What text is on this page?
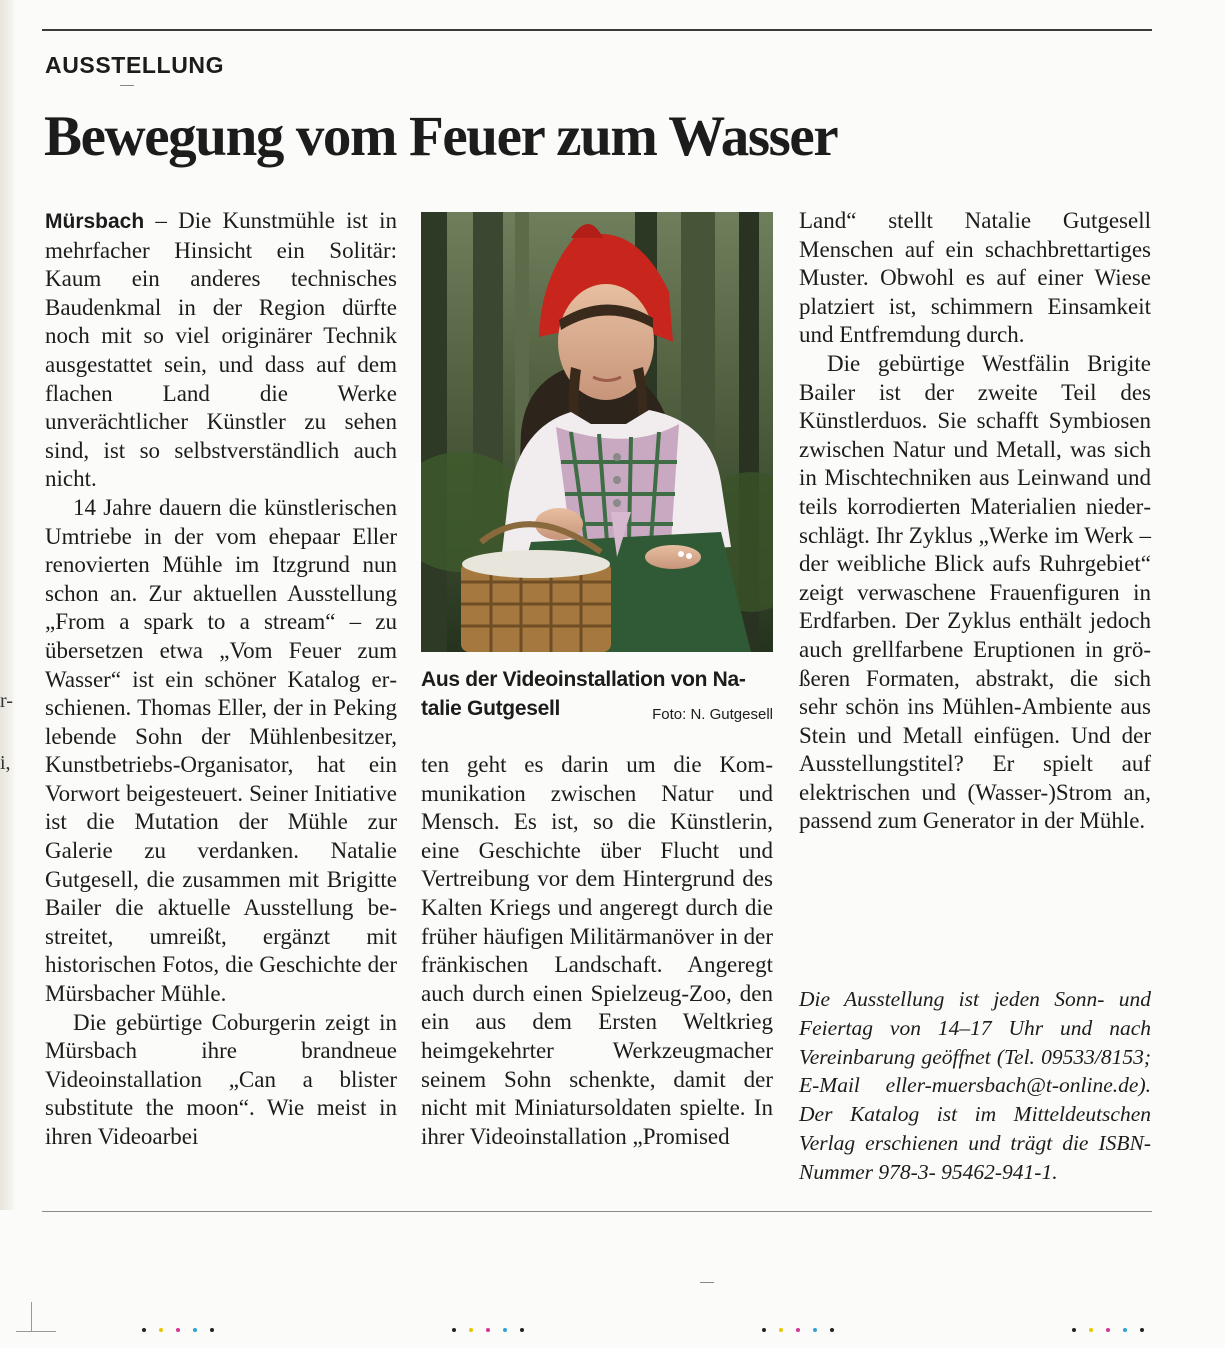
r-
i,
AUSSTELLUNG
Bewegung vom Feuer zum Wasser

Mürsbach – Die Kunstmühle ist in mehrfacher Hinsicht ein Solitär: Kaum ein anderes technisches Baudenkmal in der Region dürfte noch mit so viel originärer Technik ausgestattet sein, und dass auf dem flachen Land die Werke unverächtlicher Künstler zu sehen sind, ist so selbstverständlich auch nicht.

14 Jahre dauern die künstlerischen Umtriebe in der vom ehepaar Eller renovierten Mühle im Itzgrund nun schon an. Zur aktuellen Ausstellung „From a spark to a stream“ – zu übersetzen etwa „Vom Feuer zum Wasser“ ist ein schöner Katalog erschienen. Thomas Eller, der in Peking lebende Sohn der Mühlenbesitzer, Kunstbetriebs-Organisator, hat ein Vorwort beigesteuert. Seiner Initiative ist die Mutation der Mühle zur Galerie zu verdanken. Natalie Gutgesell, die zusammen mit Brigitte Bailer die aktuelle Ausstellung bestreitet, umreißt, ergänzt mit historischen Fotos, die Geschichte der Mürsbacher Mühle.

Die gebürtige Coburgerin zeigt in Mürsbach ihre brandneue Videoinstallation „Can a blister substitute the moon“. Wie meist in ihren Videoarbei

Aus der Videoinstallation von Natalie Gutgesell	Foto: N. Gutgesell

ten geht es darin um die Kommunikation zwischen Natur und Mensch. Es ist, so die Künstlerin, eine Geschichte über Flucht und Vertreibung vor dem Hintergrund des Kalten Kriegs und angeregt durch die früher häufigen Militärmanöver in der fränkischen Landschaft. Angeregt auch durch einen Spielzeug-Zoo, den ein aus dem Ersten Weltkrieg heimgekehrter Werkzeugmacher seinem Sohn schenkte, damit der nicht mit Miniatursoldaten spielte. In ihrer Videoinstallation „Promised

Land“ stellt Natalie Gutgesell Menschen auf ein schachbrettartiges Muster. Obwohl es auf einer Wiese platziert ist, schimmern Einsamkeit und Entfremdung durch.

Die gebürtige Westfälin Brigite Bailer ist der zweite Teil des Künstlerduos. Sie schafft Symbiosen zwischen Natur und Metall, was sich in Mischtechniken aus Leinwand und teils korrodierten Materialien niederschlägt. Ihr Zyklus „Werke im Werk – der weibliche Blick aufs Ruhrgebiet“ zeigt verwaschene Frauenfiguren in Erdfarben. Der Zyklus enthält jedoch auch grellfarbene Eruptionen in größeren Formaten, abstrakt, die sich sehr schön ins Mühlen-Ambiente aus Stein und Metall einfügen. Und der Ausstellungstitel? Er spielt auf elektrischen und (Wasser-)Strom an, passend zum Generator in der Mühle.

Die Ausstellung ist jeden Sonn- und Feiertag von 14–17 Uhr und nach Vereinbarung geöffnet (Tel. 09533/8153; E-Mail eller-muersbach@t-online.de). Der Katalog ist im Mitteldeutschen Verlag erschienen und trägt die ISBN-Nummer 978-3- 95462-941-1.
